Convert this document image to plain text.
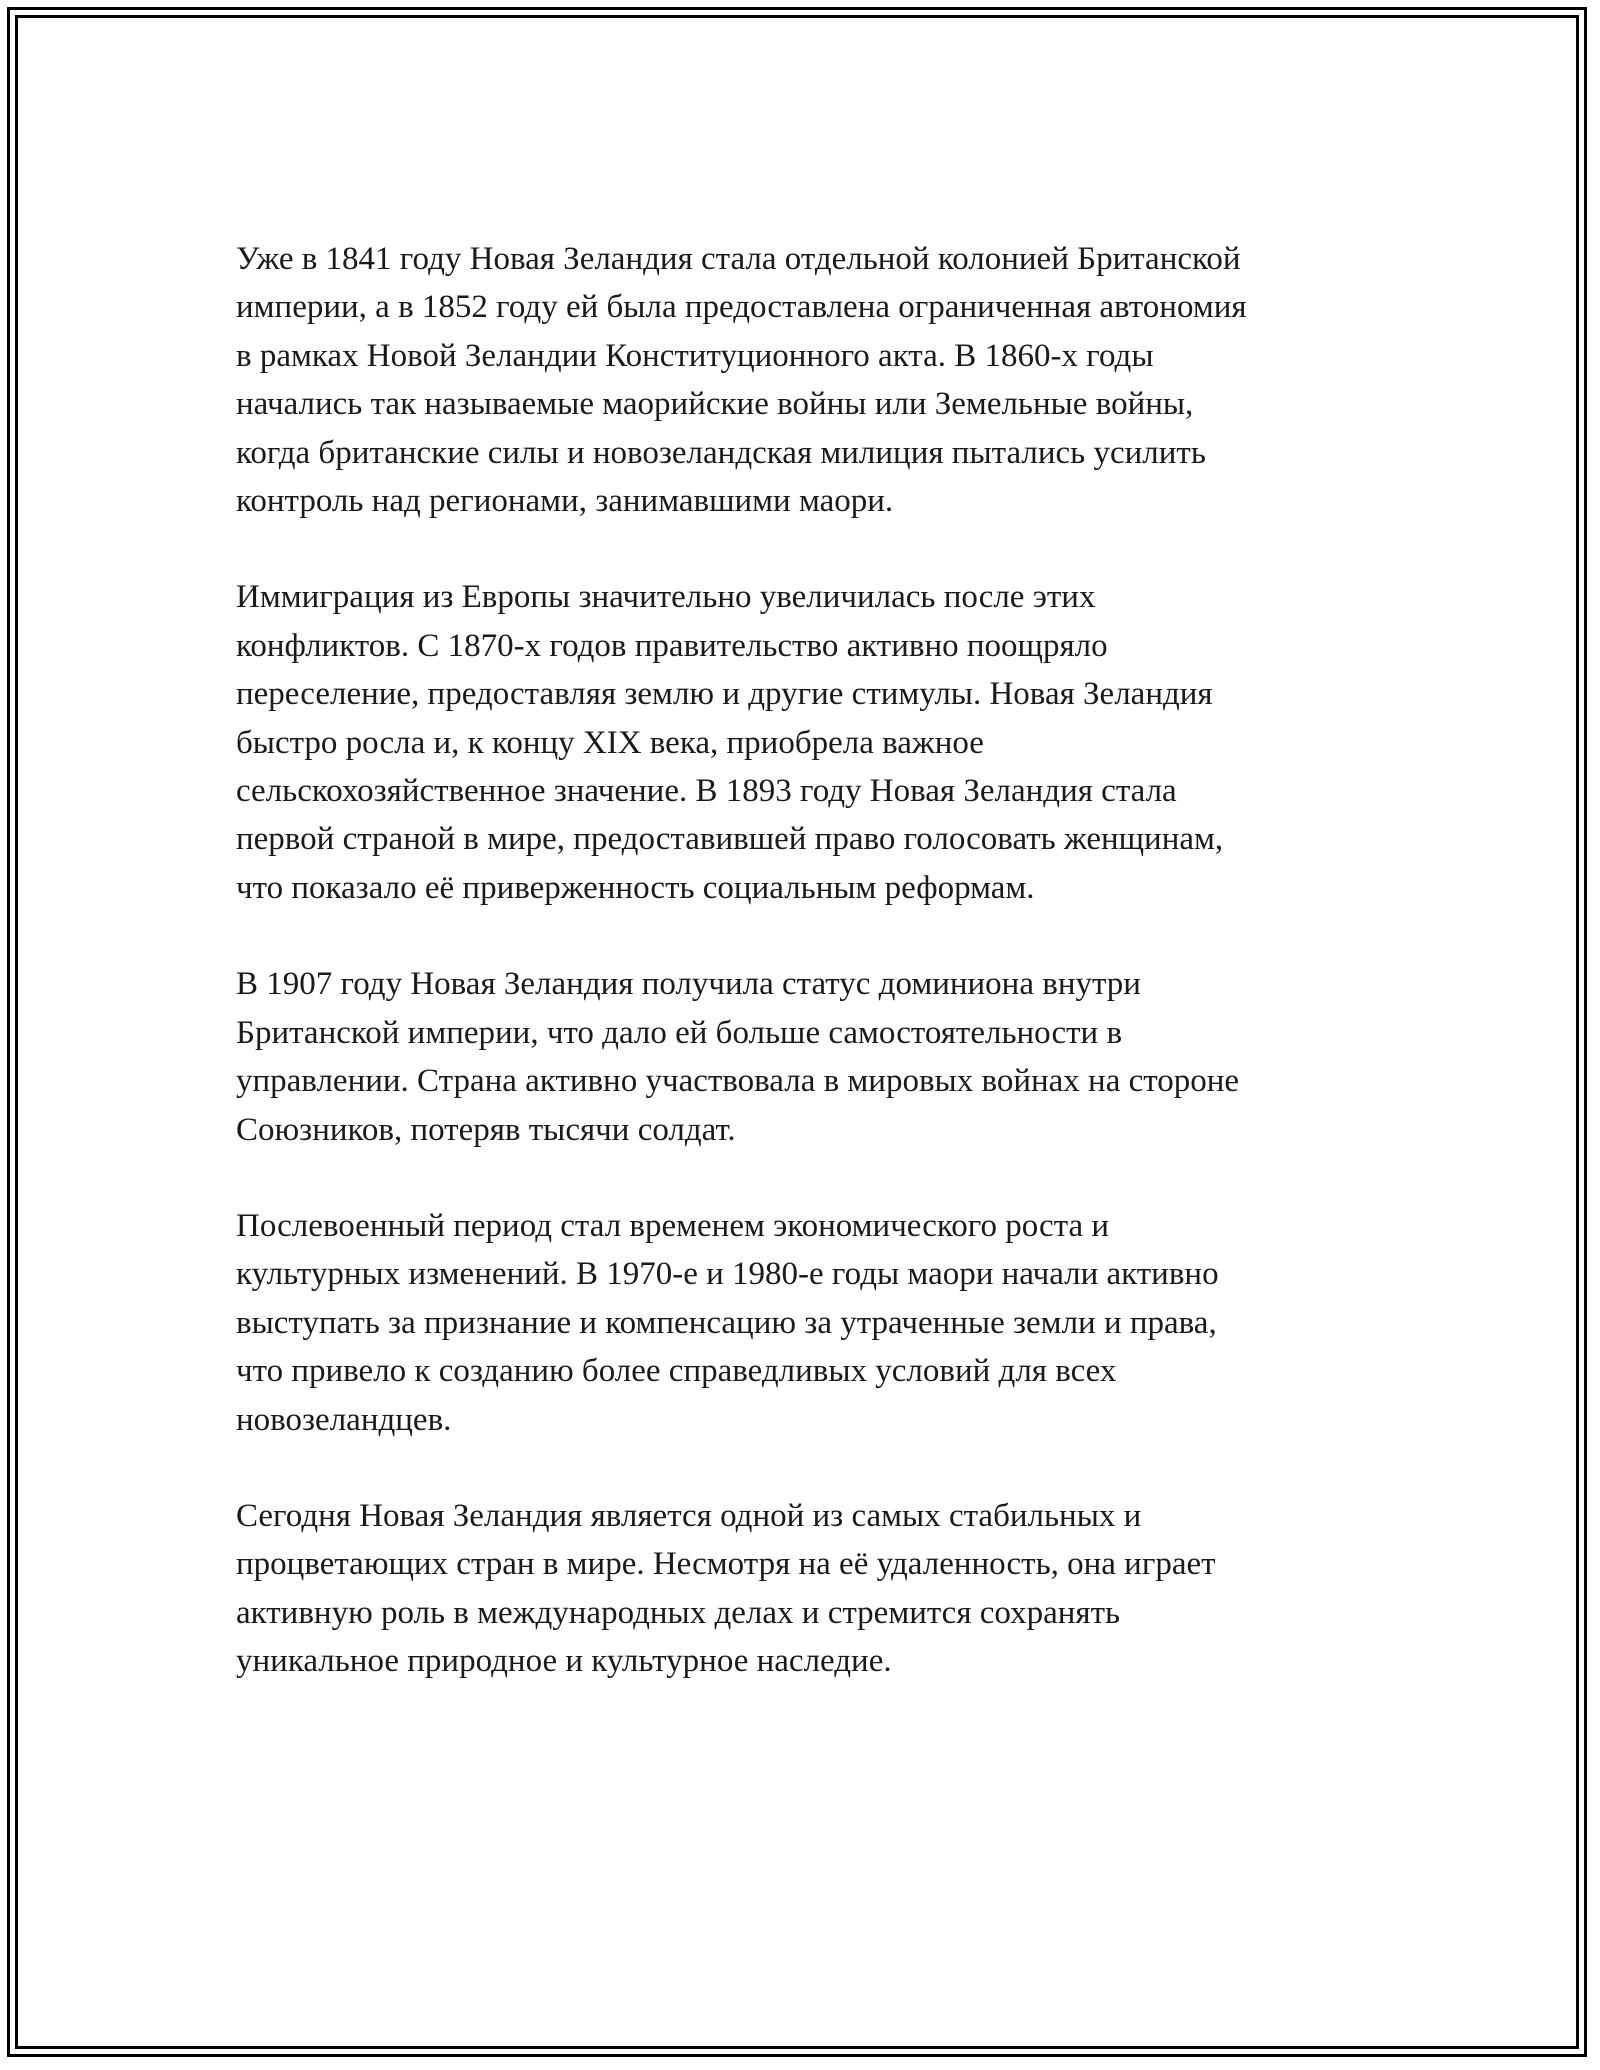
Уже в 1841 году Новая Зеландия стала отдельной колонией Британской
империи, а в 1852 году ей была предоставлена ограниченная автономия
в рамках Новой Зеландии Конституционного акта. В 1860-х годы
начались так называемые маорийские войны или Земельные войны,
когда британские силы и новозеландская милиция пытались усилить
контроль над регионами, занимавшими маори.

Иммиграция из Европы значительно увеличилась после этих
конфликтов. С 1870-х годов правительство активно поощряло
переселение, предоставляя землю и другие стимулы. Новая Зеландия
быстро росла и, к концу XIX века, приобрела важное
сельскохозяйственное значение. В 1893 году Новая Зеландия стала
первой страной в мире, предоставившей право голосовать женщинам,
что показало её приверженность социальным реформам.

В 1907 году Новая Зеландия получила статус доминиона внутри
Британской империи, что дало ей больше самостоятельности в
управлении. Страна активно участвовала в мировых войнах на стороне
Союзников, потеряв тысячи солдат.

Послевоенный период стал временем экономического роста и
культурных изменений. В 1970-е и 1980-е годы маори начали активно
выступать за признание и компенсацию за утраченные земли и права,
что привело к созданию более справедливых условий для всех
новозеландцев.

Сегодня Новая Зеландия является одной из самых стабильных и
процветающих стран в мире. Несмотря на её удаленность, она играет
активную роль в международных делах и стремится сохранять
уникальное природное и культурное наследие.
